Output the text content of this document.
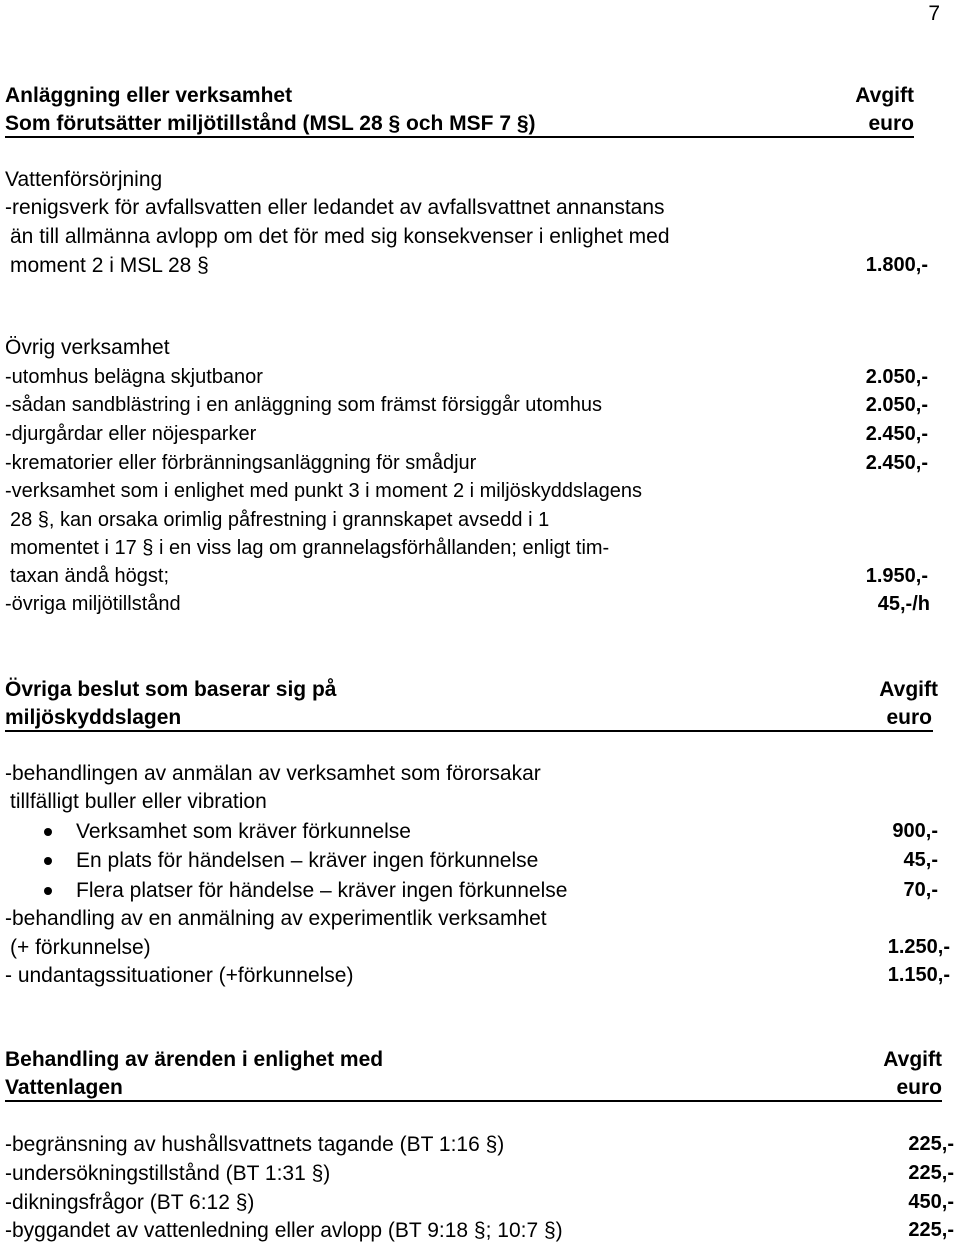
7
Anläggning eller verksamhet	Avgift
Som förutsätter miljötillstånd (MSL 28 § och MSF 7 §)	euro
Vattenförsörjning
-renigsverk för avfallsvatten eller ledandet av avfallsvattnet annanstans
än till allmänna avlopp om det för med sig konsekvenser i enlighet med
moment 2 i MSL 28 §	1.800,-
Övrig verksamhet
-utomhus belägna skjutbanor	2.050,-
-sådan sandblästring i en anläggning som främst försiggår utomhus	2.050,-
-djurgårdar eller nöjesparker	2.450,-
-krematorier eller förbränningsanläggning för smådjur	2.450,-
-verksamhet som i enlighet med punkt 3 i moment 2 i miljöskyddslagens
28 §, kan orsaka orimlig påfrestning i grannskapet avsedd i 1
momentet i 17 § i en viss lag om grannelagsförhållanden; enligt tim-
taxan ändå högst;	1.950,-
-övriga miljötillstånd	45,-/h
Övriga beslut som baserar sig på	Avgift
miljöskyddslagen	euro
-behandlingen av anmälan av verksamhet som förorsakar
tillfälligt buller eller vibration
Verksamhet som kräver förkunnelse	900,-
En plats för händelsen – kräver ingen förkunnelse	45,-
Flera platser för händelse – kräver ingen förkunnelse	70,-
-behandling av en anmälning av experimentlik verksamhet
(+ förkunnelse)	1.250,-
- undantagssituationer (+förkunnelse)	1.150,-
Behandling av ärenden i enlighet med	Avgift
Vattenlagen	euro
-begränsning av hushållsvattnets tagande (BT 1:16 §)	225,-
-undersökningstillstånd (BT 1:31 §)	225,-
-dikningsfrågor (BT 6:12 §)	450,-
-byggandet av vattenledning eller avlopp (BT 9:18 §; 10:7 §)	225,-
